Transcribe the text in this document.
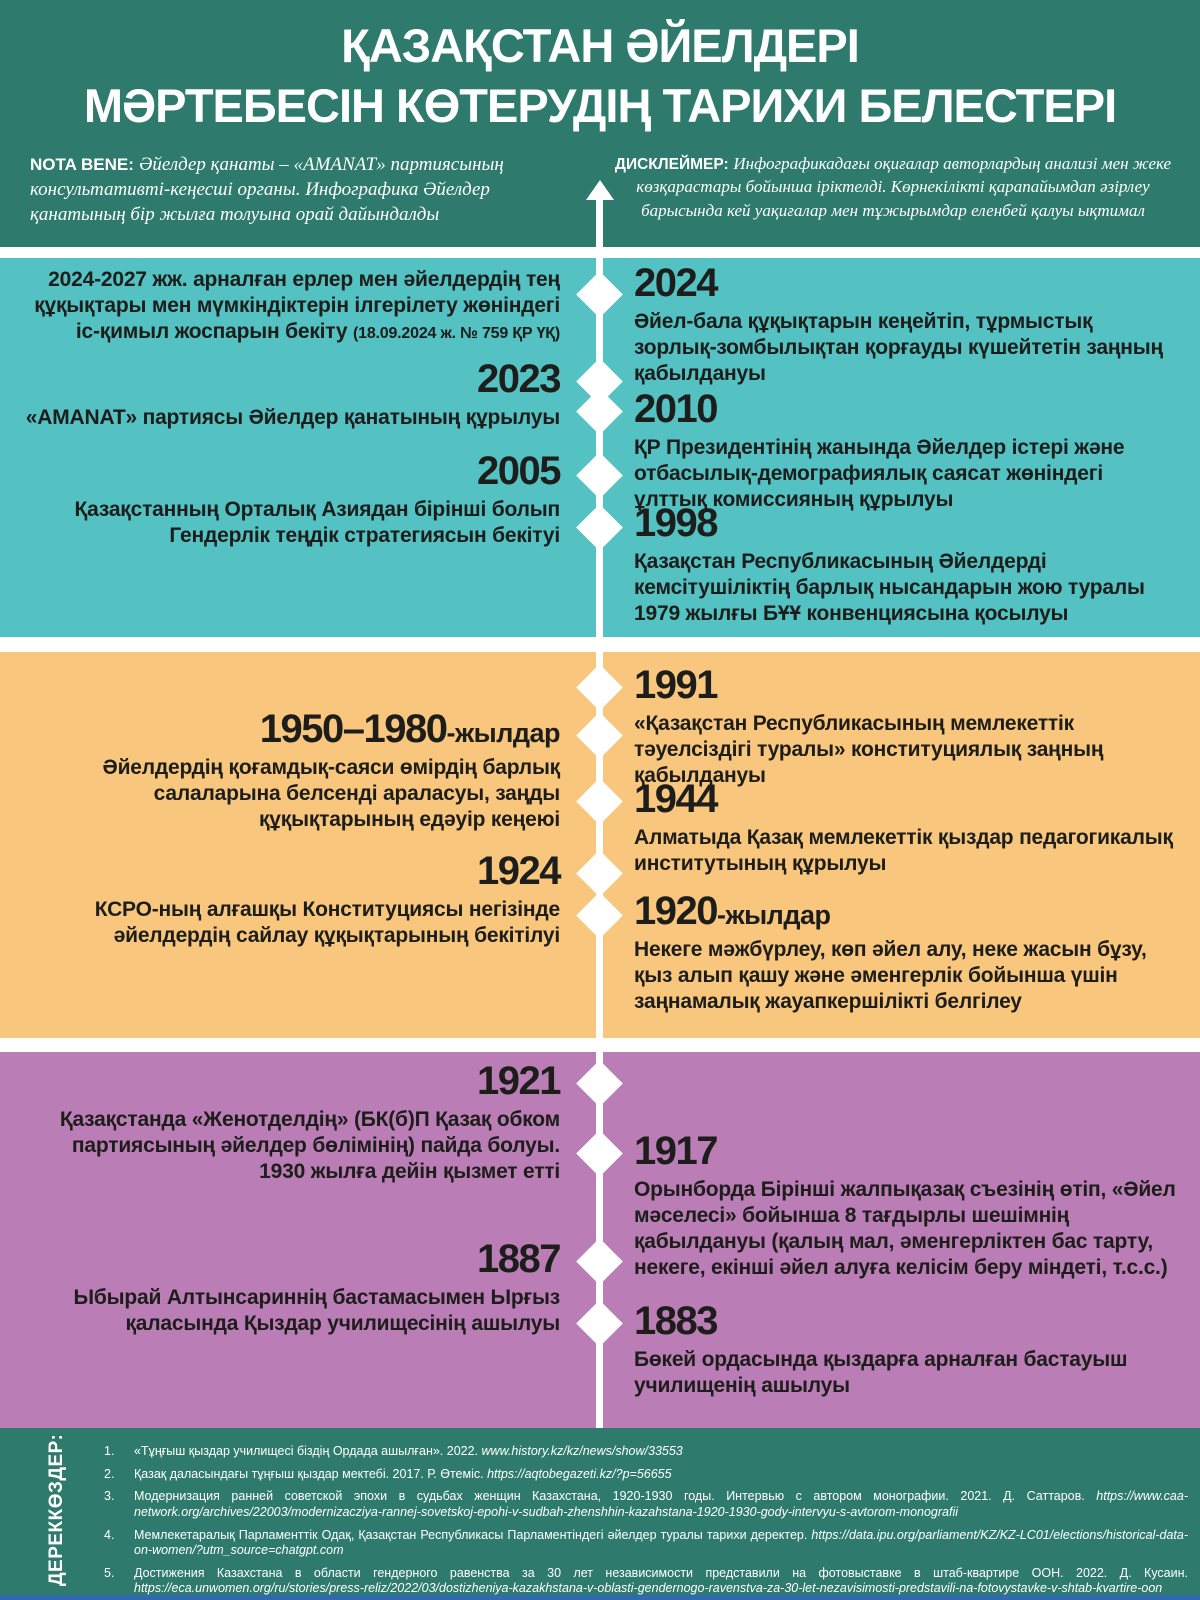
ҚАЗАҚСТАН ӘЙЕЛДЕРІ
МӘРТЕБЕСІН КӨТЕРУДІҢ ТАРИХИ БЕЛЕСТЕРІ
NOTA BENE: Әйелдер қанаты – «AMANAT» партиясының консультативті-кеңесші органы. Инфографика Әйелдер қанатының бір жылға толуына орай дайындалды
ДИСКЛЕЙМЕР: Инфографикадағы оқиғалар авторлардың анализі мен жеке көзқарастары бойынша іріктелді. Көрнекілікті қарапайымдап әзірлеу барысында кей уақиғалар мен тұжырымдар еленбей қалуы ықтимал
2024-2027 жж. арналған ерлер мен әйелдердің тең құқықтары мен мүмкіндіктерін ілгерілету жөніндегі іс-қимыл жоспарын бекіту (18.09.2024 ж. № 759 ҚР ҮҚ)
2024
Әйел-бала құқықтарын кеңейтіп, тұрмыстық зорлық-зомбылықтан қорғауды күшейтетін заңның қабылдануы
2023
«AMANAT» партиясы Әйелдер қанатының құрылуы 2010
ҚР Президентінің жанында Әйелдер істері және отбасылық-демографиялық саясат жөніндегі ұлттық комиссияның құрылуы
2005
Қазақстанның Орталық Азиядан бірінші болып Гендерлік теңдік стратегиясын бекітуі 1998
Қазақстан Республикасының Әйелдерді кемсітушіліктің барлық нысандарын жою туралы 1979 жылғы БҰҰ конвенциясына қосылуы
1991
«Қазақстан Республикасының мемлекеттік тәуелсіздігі туралы» конституциялық заңның қабылдануы
1950–1980-жылдар
Әйелдердің қоғамдық-саяси өмірдің барлық салаларына белсенді араласуы, заңды құқықтарының едәуір кеңеюі 1944
Алматыда Қазақ мемлекеттік қыздар педагогикалық институтының құрылуы
1924
КСРО-ның алғашқы Конституциясы негізінде әйелдердің сайлау құқықтарының бекітілуі
1920-жылдар
Некеге мәжбүрлеу, көп әйел алу, неке жасын бұзу, қыз алып қашу және әменгерлік бойынша үшін заңнамалық жауапкершілікті белгілеу
1921
Қазақстанда «Женотделдің» (БК(б)П Қазақ обком партиясының әйелдер бөлімінің) пайда болуы. 1930 жылға дейін қызмет етті 1917
Орынборда Бірінші жалпықазақ съезінің өтіп, «Әйел мәселесі» бойынша 8 тағдырлы шешімнің қабылдануы (қалың мал, әменгерліктен бас тарту, некеге, екінші әйел алуға келісім беру міндеті, т.с.с.)
1887
Ыбырай Алтынсариннің бастамасымен Ырғыз қаласында Қыздар училищесінің ашылуы 1883
Бөкей ордасында қыздарға арналған бастауыш училищенің ашылуы
ДЕРЕККӨЗДЕР:	1.	«Тұңғыш қыздар училищесі біздің Ордада ашылған». 2022. www.history.kz/kz/news/show/33553
2.	Қазақ даласындағы тұңғыш қыздар мектебі. 2017. Р. Өтеміс. https://aqtobegazeti.kz/?p=56655
3.	Модернизация ранней советской эпохи в судьбах женщин Казахстана, 1920-1930 годы. Интервью с автором монографии. 2021. Д. Саттаров. https://www.caa-network.org/archives/22003/modernizacziya-rannej-sovetskoj-epohi-v-sudbah-zhenshhin-kazahstana-1920-1930-gody-intervyu-s-avtorom-monografii
4.	Мемлекетаралық Парламенттік Одақ, Қазақстан Республикасы Парламентіндегі әйелдер туралы тарихи деректер. https://data.ipu.org/parliament/KZ/KZ-LC01/elections/historical-data-on-women/?utm_source=chatgpt.com
5.	Достижения Казахстана в области гендерного равенства за 30 лет независимости представили на фотовыставке в штаб-квартире ООН. 2022. Д. Кусаин. https://eca.unwomen.org/ru/stories/press-reliz/2022/03/dostizheniya-kazakhstana-v-oblasti-gendernogo-ravenstva-za-30-let-nezavisimosti-predstavili-na-fotovystavke-v-shtab-kvartire-oon
